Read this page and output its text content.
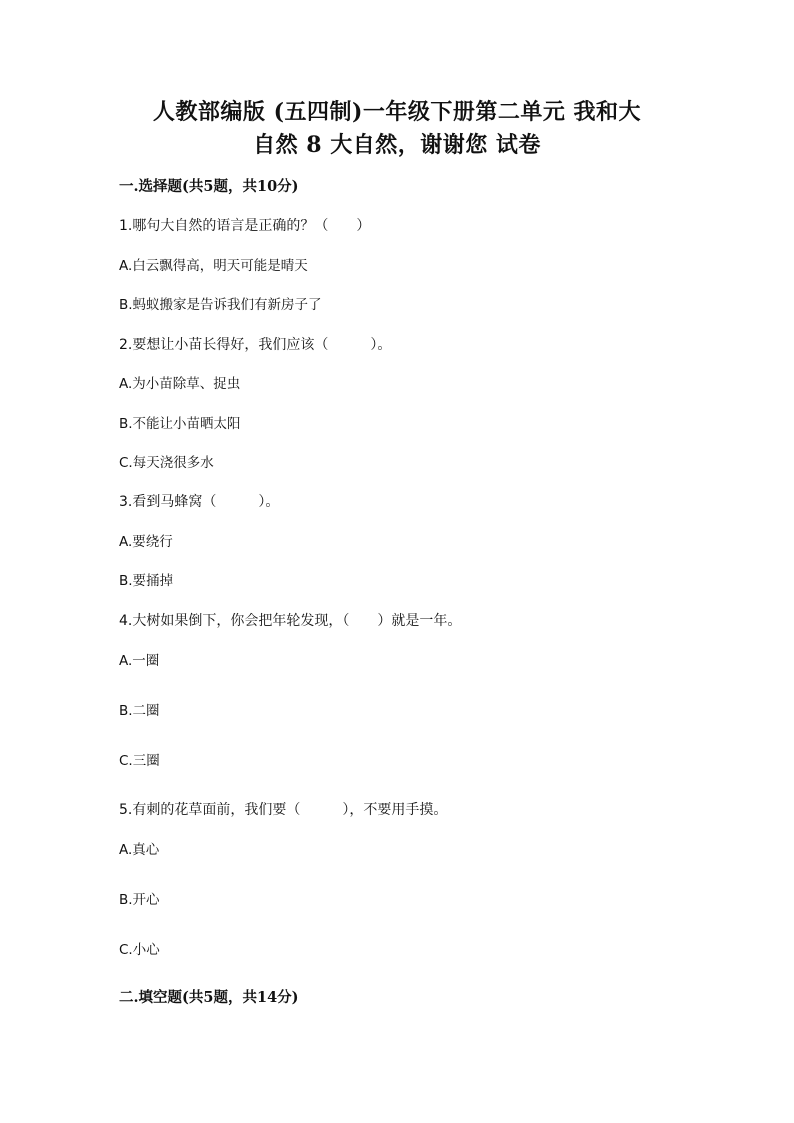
人教部编版 (五四制)一年级下册第二单元 我和大
自然 8 大自然，谢谢您 试卷
一.选择题(共5题，共10分)
1.哪句大自然的语言是正确的？（　　）
A.白云飘得高，明天可能是晴天
B.蚂蚁搬家是告诉我们有新房子了
2.要想让小苗长得好，我们应该（　　　）。
A.为小苗除草、捉虫
B.不能让小苗晒太阳
C.每天浇很多水
3.看到马蜂窝（　　　）。
A.要绕行
B.要捅掉
4.大树如果倒下，你会把年轮发现，（　　）就是一年。
A.一圈
B.二圈
C.三圈
5.有刺的花草面前，我们要（　　　），不要用手摸。
A.真心
B.开心
C.小心
二.填空题(共5题，共14分)
